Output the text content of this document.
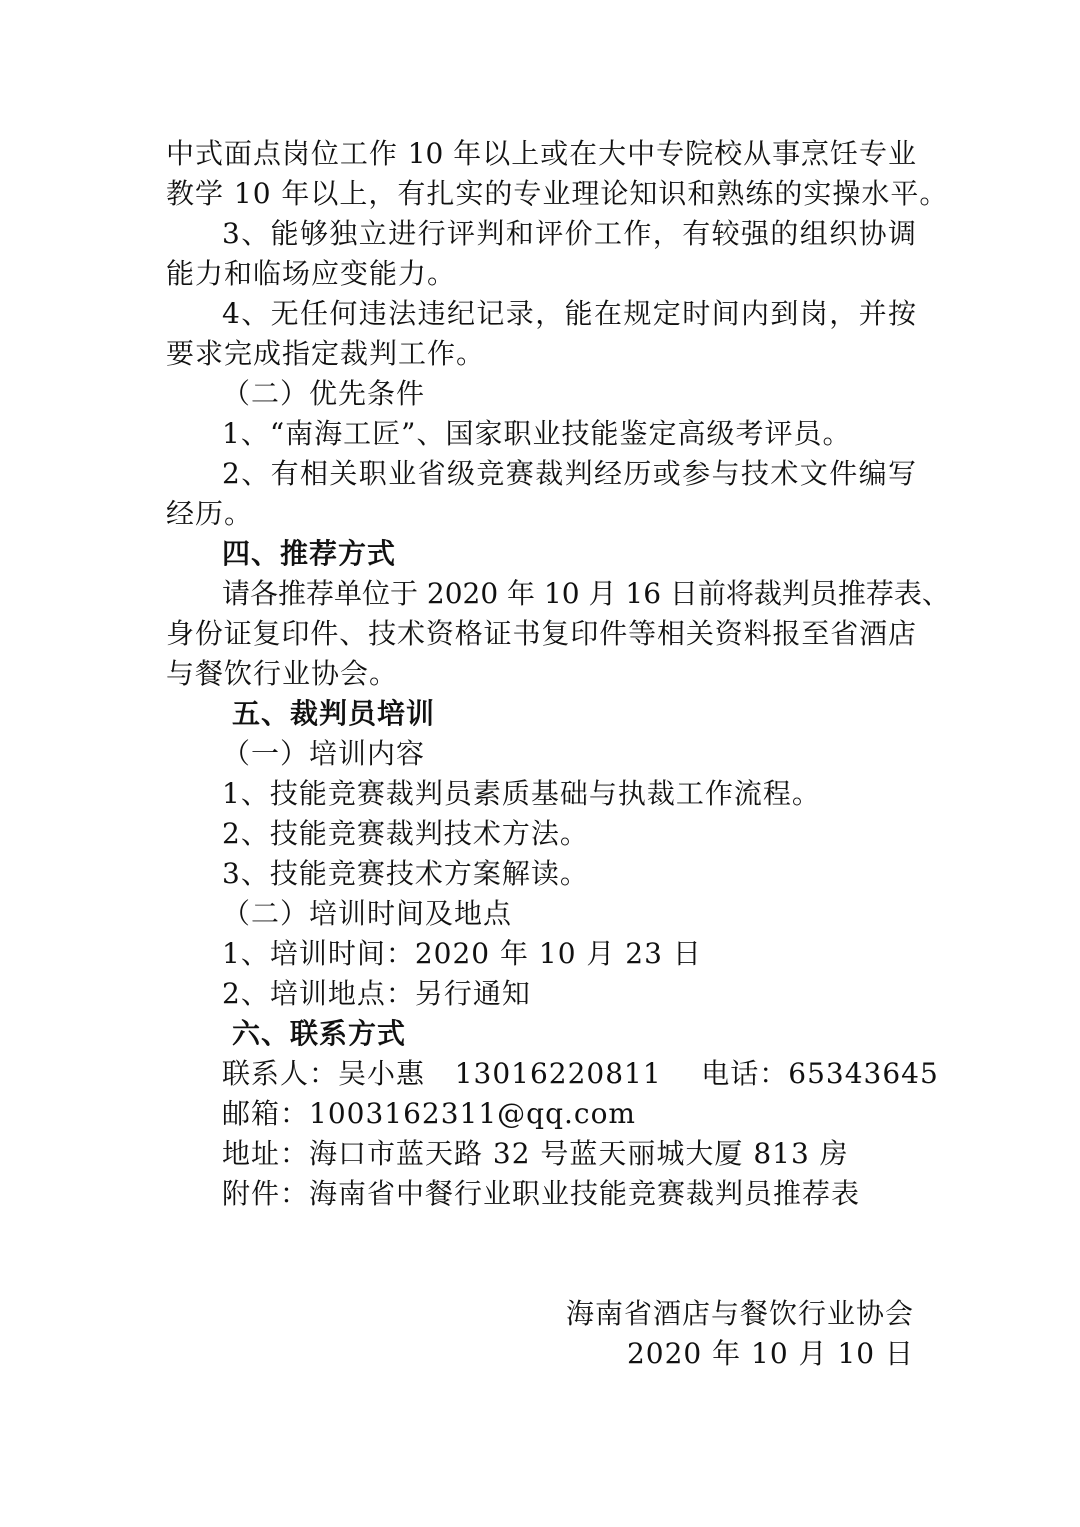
中式面点岗位工作 10 年以上或在大中专院校从事烹饪专业
教学 10 年以上，有扎实的专业理论知识和熟练的实操水平。
3、能够独立进行评判和评价工作，有较强的组织协调
能力和临场应变能力。
4、无任何违法违纪记录，能在规定时间内到岗，并按
要求完成指定裁判工作。
（二）优先条件
1、“南海工匠”、国家职业技能鉴定高级考评员。
2、有相关职业省级竞赛裁判经历或参与技术文件编写
经历。
四、推荐方式
请各推荐单位于 2020 年 10 月 16 日前将裁判员推荐表、
身份证复印件、技术资格证书复印件等相关资料报至省酒店
与餐饮行业协会。
五、裁判员培训
（一）培训内容
1、技能竞赛裁判员素质基础与执裁工作流程。
2、技能竞赛裁判技术方法。
3、技能竞赛技术方案解读。
（二）培训时间及地点
1、培训时间：2020 年 10 月 23 日
2、培训地点：另行通知
六、联系方式
联系人：吴小惠   13016220811    电话：65343645
邮箱：1003162311@qq.com
地址：海口市蓝天路 32 号蓝天丽城大厦 813 房
附件：海南省中餐行业职业技能竞赛裁判员推荐表
海南省酒店与餐饮行业协会
2020 年 10 月 10 日
